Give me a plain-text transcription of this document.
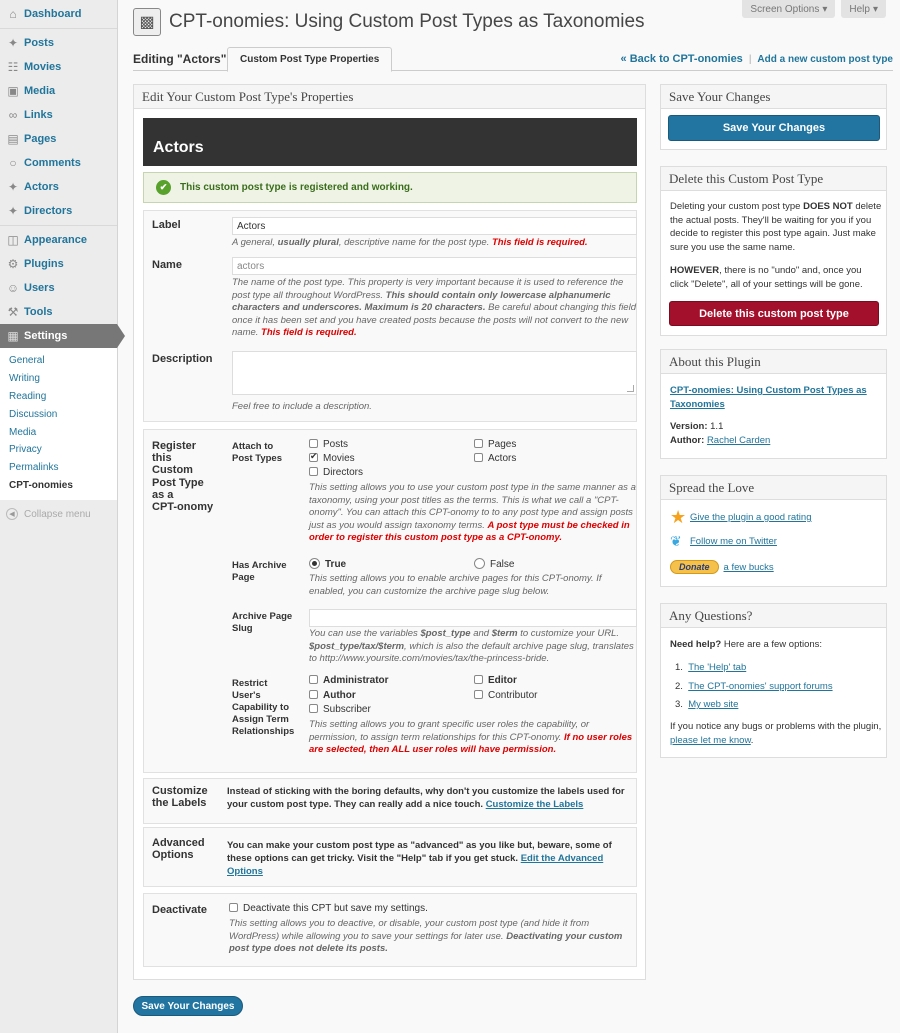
⌂ Dashboard
✦ Posts
☷ Movies
▣ Media
∞ Links
▤ Pages
○ Comments
✦ Actors
✦ Directors
◫ Appearance
⚙ Plugins
☺ Users
⚒ Tools
▦ Settings
General
Writing
Reading
Discussion
Media
Privacy
Permalinks
CPT-onomies
◀ Collapse menu
Screen Options ▾ Help ▾
▩ CPT-onomies: Using Custom Post Types as Taxonomies
Editing "Actors"	Custom Post Type Properties	« Back to CPT-onomies | Add a new custom post type
Edit Your Custom Post Type's Properties
Actors
✔	This custom post type is registered and working.
Label	Actors
A general, usually plural, descriptive name for the post type. This field is required.
Name	actors
The name of the post type. This property is very important because it is used to reference the post type all throughout WordPress. This should contain only lowercase alphanumeric characters and underscores. Maximum is 20 characters. Be careful about changing this field once it has been set and you have created posts because the posts will not convert to the new name. This field is required.
Description
Feel free to include a description.
Register
this
Custom
Post Type
as a
CPT-onomy
Attach to
Post Types
Posts	Pages
✔Movies	Actors
Directors
This setting allows you to use your custom post type in the same manner as a taxonomy, using your post titles as the terms. This is what we call a "CPT-onomy". You can attach this CPT-onomy to to any post type and assign posts just as you would assign taxonomy terms. A post type must be checked in order to register this custom post type as a CPT-onomy.
Has Archive
Page
True	False
This setting allows you to enable archive pages for this CPT-onomy. If enabled, you can customize the archive page slug below.
Archive Page
Slug	You can use the variables $post_type and $term to customize your URL. $post_type/tax/$term, which is also the default archive page slug, translates to http://www.yoursite.com/movies/tax/the-princess-bride.
Restrict
User's
Capability to
Assign Term
Relationships
Administrator	Editor
Author	Contributor
Subscriber
This setting allows you to grant specific user roles the capability, or permission, to assign term relationships for this CPT-onomy. If no user roles are selected, then ALL user roles will have permission.
Customize
the Labels
Instead of sticking with the boring defaults, why don't you customize the labels used for your custom post type. They can really add a nice touch. Customize the Labels
Advanced
Options
You can make your custom post type as "advanced" as you like but, beware, some of these options can get tricky. Visit the "Help" tab if you get stuck. Edit the Advanced Options
Deactivate	Deactivate this CPT but save my settings.
This setting allows you to deactive, or disable, your custom post type (and hide it from WordPress) while allowing you to save your settings for later use. Deactivating your custom post type does not delete its posts.
Save Your Changes
Save Your Changes
Save Your Changes
Delete this Custom Post Type
Deleting your custom post type DOES NOT delete the actual posts. They'll be waiting for you if you decide to register this post type again. Just make sure you use the same name.
HOWEVER, there is no "undo" and, once you click "Delete", all of your settings will be gone.
Delete this custom post type
About this Plugin
CPT-onomies: Using Custom Post Types as Taxonomies
Version: 1.1
Author: Rachel Carden
Spread the Love
★ Give the plugin a good rating
❦ Follow me on Twitter
Donate	a few bucks
Any Questions?
Need help? Here are a few options:
1.  The 'Help' tab
2.  The CPT-onomies' support forums
3.  My web site
If you notice any bugs or problems with the plugin, please let me know.
